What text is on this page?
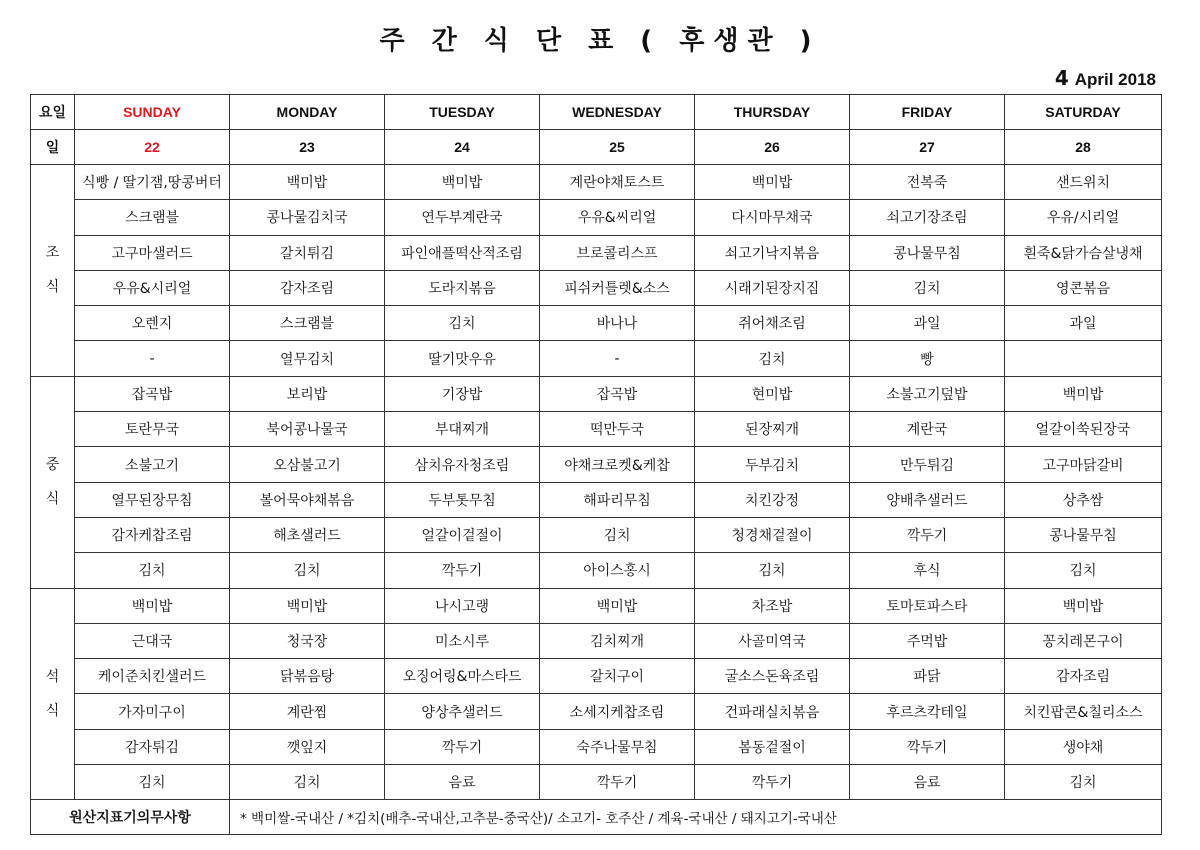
주 간 식 단 표 ( 후생관 )
4 April 2018
요일	SUNDAY	MONDAY	TUESDAY	WEDNESDAY	THURSDAY	FRIDAY	SATURDAY
일	22	23	24	25	26	27	28

조
식	식빵 / 딸기잼,땅콩버터	백미밥	백미밥	계란야채토스트	백미밥	전복죽	샌드위치
	스크램블	콩나물김치국	연두부계란국	우유&씨리얼	다시마무채국	쇠고기장조림	우유/시리얼
	고구마샐러드	갈치튀김	파인애플떡산적조림	브로콜리스프	쇠고기낙지볶음	콩나물무침	흰죽&닭가슴살냉채
	우유&시리얼	감자조림	도라지볶음	피쉬커틀렛&소스	시래기된장지짐	김치	영콘볶음
	오렌지	스크램블	김치	바나나	쥐어채조림	과일	과일
	-	열무김치	딸기맛우유	-	김치	빵	

중
식	잡곡밥	보리밥	기장밥	잡곡밥	현미밥	소불고기덮밥	백미밥
	토란무국	북어콩나물국	부대찌개	떡만두국	된장찌개	계란국	얼갈이쑥된장국
	소불고기	오삼불고기	삼치유자청조림	야채크로켓&케찹	두부김치	만두튀김	고구마닭갈비
	열무된장무침	볼어묵야채볶음	두부톳무침	해파리무침	치킨강정	양배추샐러드	상추쌈
	감자케찹조림	해초샐러드	얼갈이겉절이	김치	청경채겉절이	깍두기	콩나물무침
	김치	김치	깍두기	아이스홍시	김치	후식	김치

석
식	백미밥	백미밥	나시고랭	백미밥	차조밥	토마토파스타	백미밥
	근대국	청국장	미소시루	김치찌개	사골미역국	주먹밥	꽁치레몬구이
	케이준치킨샐러드	닭볶음탕	오징어링&마스타드	갈치구이	굴소스돈육조림	파닭	감자조림
	가자미구이	계란찜	양상추샐러드	소세지케찹조림	건파래실치볶음	후르츠칵테일	치킨팝콘&칠리소스
	감자튀김	깻잎지	깍두기	숙주나물무침	봄동겉절이	깍두기	생야채
	김치	김치	음료	깍두기	깍두기	음료	김치
원산지표기의무사항		* 백미쌀-국내산 / *김치(배추-국내산,고추분-중국산)/ 소고기- 호주산 / 계육-국내산 / 돼지고기-국내산					
